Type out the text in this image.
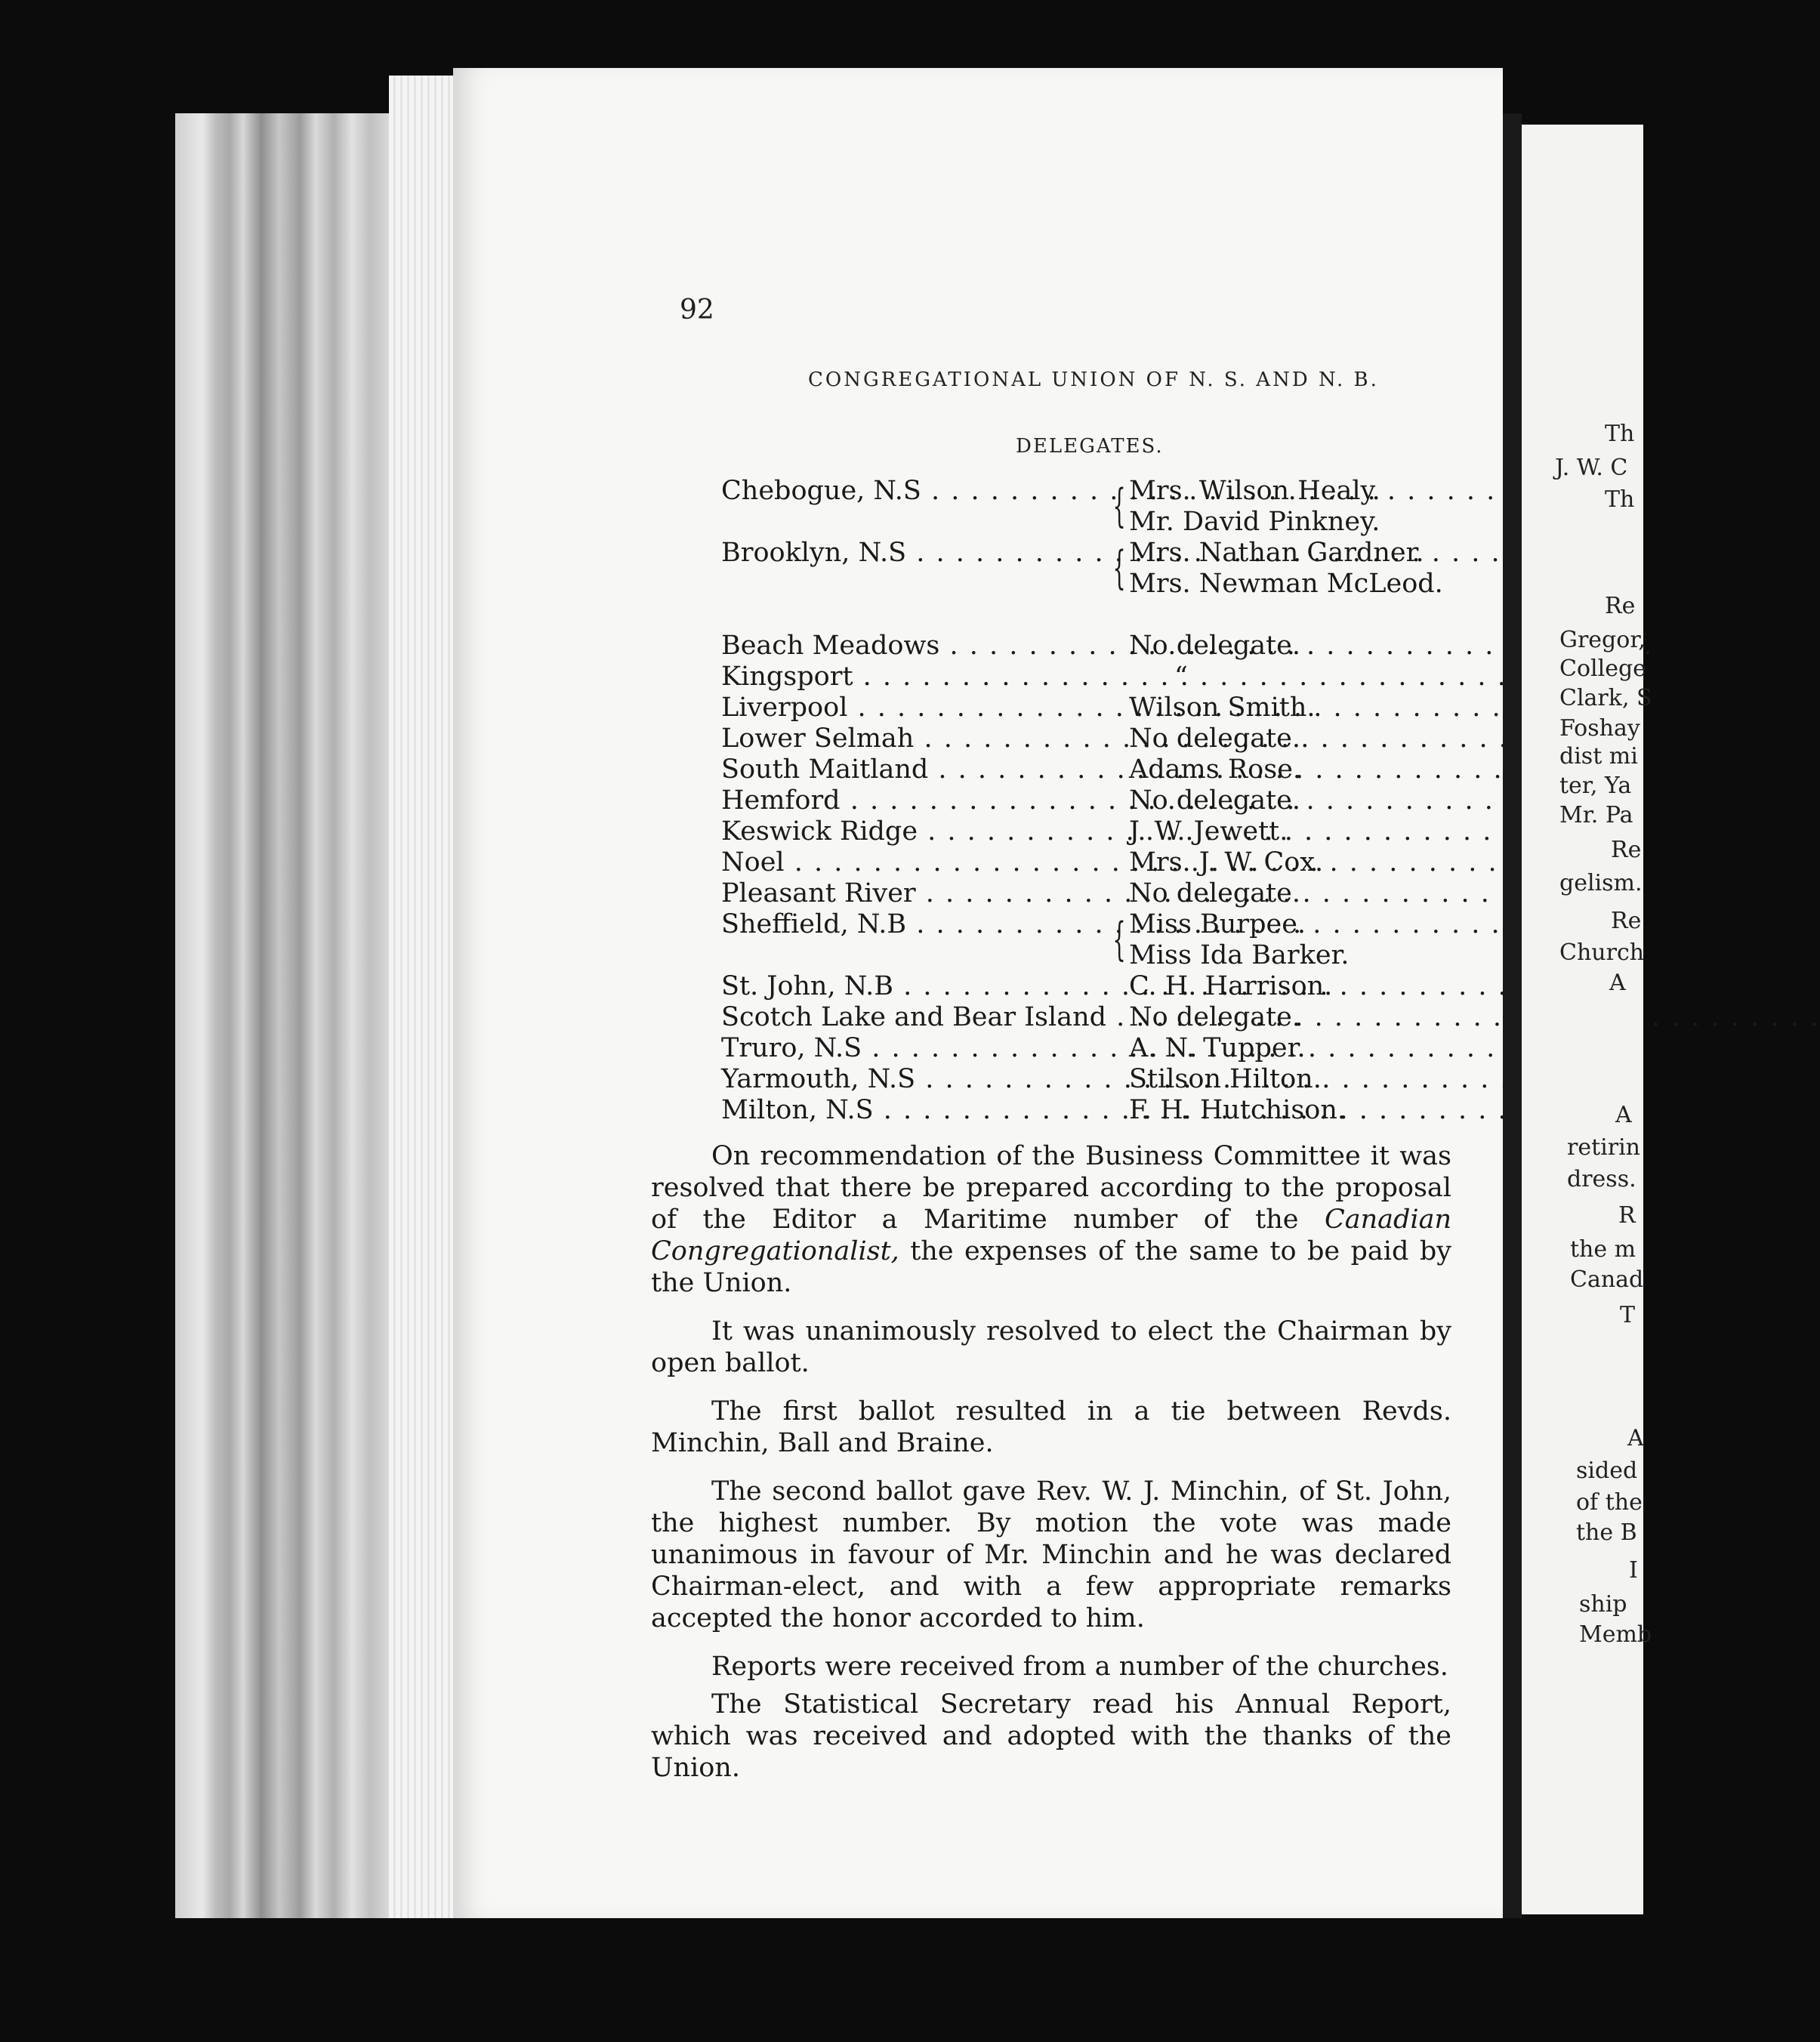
92
CONGREGATIONAL UNION OF N. S. AND N. B.
DELEGATES.
Chebogue, N.S . . .	{ Mrs. Wilson Healy.
Mr. David Pinkney.
Brooklyn, N.S . . .	{ Mrs. Nathan Gardner.
Mrs. Newman McLeod.
Beach Meadows . . .	No delegate.
Kingsport . . .	“
Liverpool . . .	Wilson Smith.
Lower Selmah . . .	No delegate.
South Maitland . . .	Adams Rose.
Hemford . . .	No delegate.
Keswick Ridge . . .	J. W. Jewett.
Noel . . .	Mrs. J. W. Cox.
Pleasant River . . .	No delegate.
Sheffield, N.B . . .	{ Miss Burpee.
Miss Ida Barker.
St. John, N.B . . .	C. H. Harrison.
Scotch Lake and Bear Island . . . No delegate.
Truro, N.S . . .	A. N. Tupper.
Yarmouth, N.S . . .	Stilson Hilton.
Milton, N.S . . .	F. H. Hutchison.

On recommendation of the Business Committee it was resolved that there be prepared according to the proposal of the Editor a Maritime number of the Canadian Congregationalist, the expenses of the same to be paid by the Union.

It was unanimously resolved to elect the Chairman by open ballot.

The first ballot resulted in a tie between Revds. Minchin, Ball and Braine.

The second ballot gave Rev. W. J. Minchin, of St. John, the highest number. By motion the vote was made unanimous in favour of Mr. Minchin and he was declared Chairman-elect, and with a few appropriate remarks accepted the honor accorded to him.

Reports were received from a number of the churches.

The Statistical Secretary read his Annual Report, which was received and adopted with the thanks of the Union.

Th
J. W. C
Th
Re
Gregor,
College
Clark, S
Foshay
dist mi
ter, Ya
Mr. Pa
Re
gelism.
Re
Church
A
A
retirin
dress.
R
the m
Canad
T
A
sided
of the
the B
I
ship
Memb
